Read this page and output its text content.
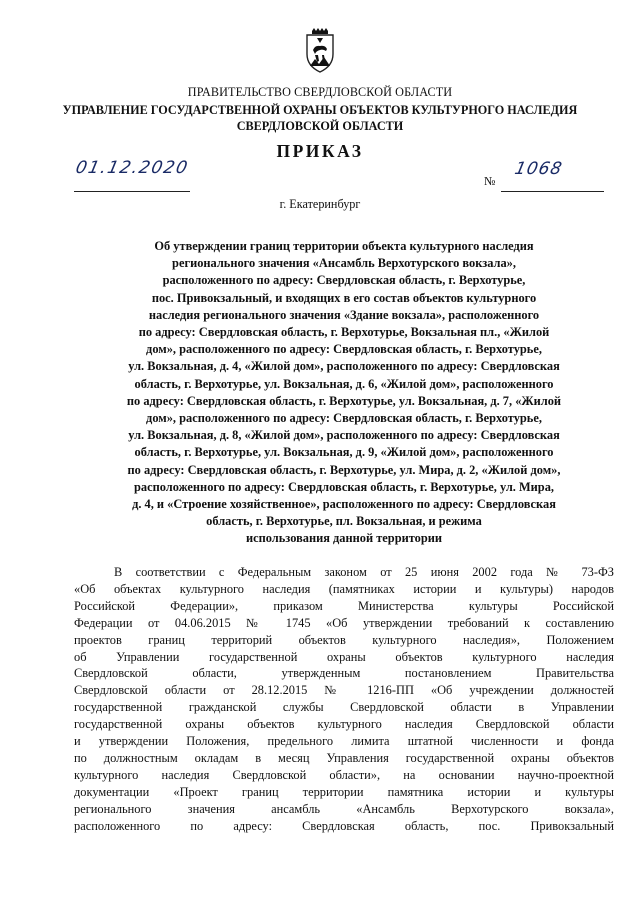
ПРАВИТЕЛЬСТВО СВЕРДЛОВСКОЙ ОБЛАСТИ
УПРАВЛЕНИЕ ГОСУДАРСТВЕННОЙ ОХРАНЫ ОБЪЕКТОВ КУЛЬТУРНОГО НАСЛЕДИЯ
СВЕРДЛОВСКОЙ ОБЛАСТИ
ПРИКАЗ
01.12.2020
№
1068
г. Екатеринбург
Об утверждении границ территории объекта культурного наследия
регионального значения «Ансамбль Верхотурского вокзала»,
расположенного по адресу: Свердловская область, г. Верхотурье,
пос. Привокзальный, и входящих в его состав объектов культурного
наследия регионального значения «Здание вокзала», расположенного
по адресу: Свердловская область, г. Верхотурье, Вокзальная пл., «Жилой
дом», расположенного по адресу: Свердловская область, г. Верхотурье,
ул. Вокзальная, д. 4, «Жилой дом», расположенного по адресу: Свердловская
область, г. Верхотурье, ул. Вокзальная, д. 6, «Жилой дом», расположенного
по адресу: Свердловская область, г. Верхотурье, ул. Вокзальная, д. 7, «Жилой
дом», расположенного по адресу: Свердловская область, г. Верхотурье,
ул. Вокзальная, д. 8, «Жилой дом», расположенного по адресу: Свердловская
область, г. Верхотурье, ул. Вокзальная, д. 9, «Жилой дом», расположенного
по адресу: Свердловская область, г. Верхотурье, ул. Мира, д. 2, «Жилой дом»,
расположенного по адресу: Свердловская область, г. Верхотурье, ул. Мира,
д. 4, и «Строение хозяйственное», расположенного по адресу: Свердловская
область, г. Верхотурье, пл. Вокзальная, и режима
использования данной территории
В соответствии с Федеральным законом от 25 июня 2002 года № 73-ФЗ
«Об объектах культурного наследия (памятниках истории и культуры) народов
Российской Федерации», приказом Министерства культуры Российской
Федерации от 04.06.2015 № 1745 «Об утверждении требований к составлению
проектов границ территорий объектов культурного наследия», Положением
об Управлении государственной охраны объектов культурного наследия
Свердловской области, утвержденным постановлением Правительства
Свердловской области от 28.12.2015 № 1216-ПП «Об учреждении должностей
государственной гражданской службы Свердловской области в Управлении
государственной охраны объектов культурного наследия Свердловской области
и утверждении Положения, предельного лимита штатной численности и фонда
по должностным окладам в месяц Управления государственной охраны объектов
культурного наследия Свердловской области», на основании научно-проектной
документации «Проект границ территории памятника истории и культуры
регионального значения ансамбль «Ансамбль Верхотурского вокзала»,
расположенного по адресу: Свердловская область, пос. Привокзальный
